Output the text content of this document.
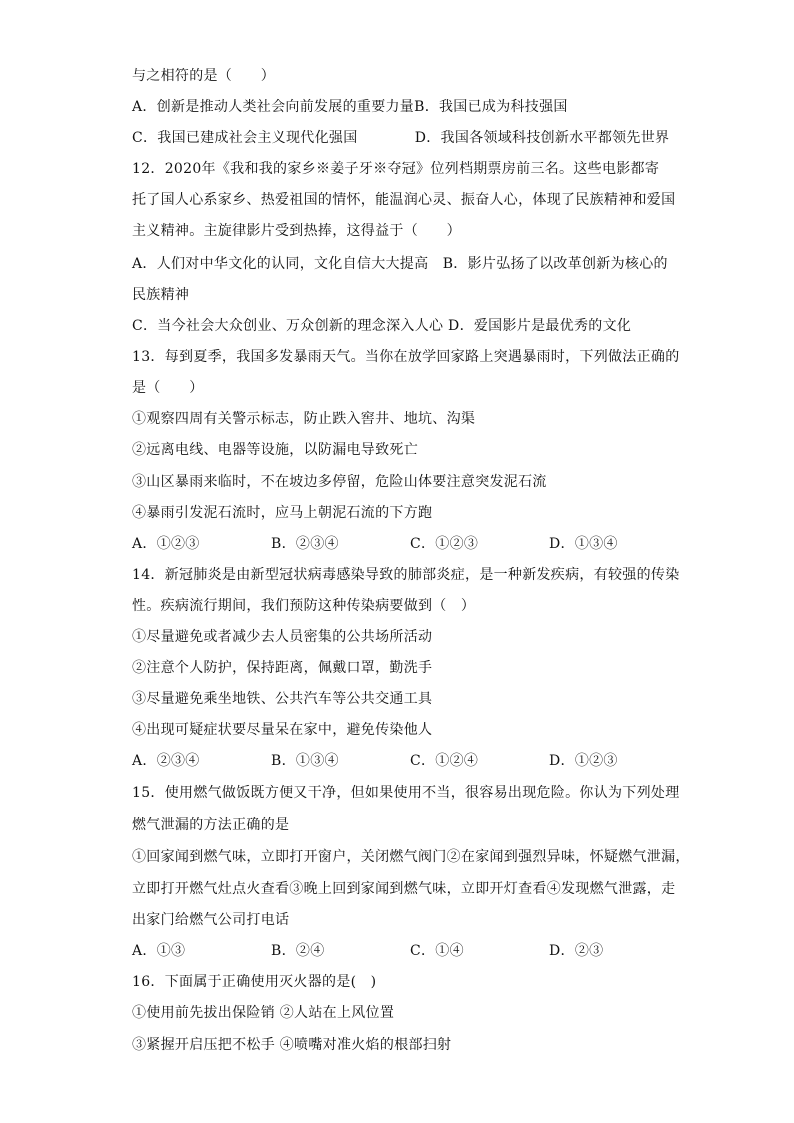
与之相符的是（　　）
A．创新是推动人类社会向前发展的重要力量B．我国已成为科技强国
C．我国已建成社会主义现代化强国　　　　D．我国各领域科技创新水平都领先世界
12．2020年《我和我的家乡※姜子牙※夺冠》位列档期票房前三名。这些电影都寄
托了国人心系家乡、热爱祖国的情怀，能温润心灵、振奋人心，体现了民族精神和爱国
主义精神。主旋律影片受到热捧，这得益于（　　）
A．人们对中华文化的认同，文化自信大大提高　B．影片弘扬了以改革创新为核心的
民族精神
C．当今社会大众创业、万众创新的理念深入人心 D．爱国影片是最优秀的文化
13．每到夏季，我国多发暴雨天气。当你在放学回家路上突遇暴雨时，下列做法正确的
是（　　）
①观察四周有关警示标志，防止跌入窖井、地坑、沟渠
②远离电线、电器等设施，以防漏电导致死亡
③山区暴雨来临时，不在坡边多停留，危险山体要注意突发泥石流
④暴雨引发泥石流时，应马上朝泥石流的下方跑
A．①②③	B．②③④	C．①②③	D．①③④
14．新冠肺炎是由新型冠状病毒感染导致的肺部炎症，是一种新发疾病，有较强的传染
性。疾病流行期间，我们预防这种传染病要做到（　）
①尽量避免或者减少去人员密集的公共场所活动
②注意个人防护，保持距离，佩戴口罩，勤洗手
③尽量避免乘坐地铁、公共汽车等公共交通工具
④出现可疑症状要尽量呆在家中，避免传染他人
A．②③④	B．①③④	C．①②④	D．①②③
15．使用燃气做饭既方便又干净，但如果使用不当，很容易出现危险。你认为下列处理
燃气泄漏的方法正确的是
①回家闻到燃气味，立即打开窗户，关闭燃气阀门②在家闻到强烈异味，怀疑燃气泄漏，
立即打开燃气灶点火查看③晚上回到家闻到燃气味，立即开灯查看④发现燃气泄露，走
出家门给燃气公司打电话
A．①③	B．②④	C．①④	D．②③
16．下面属于正确使用灭火器的是(　)
①使用前先拔出保险销 ②人站在上风位置
③紧握开启压把不松手 ④喷嘴对准火焰的根部扫射
